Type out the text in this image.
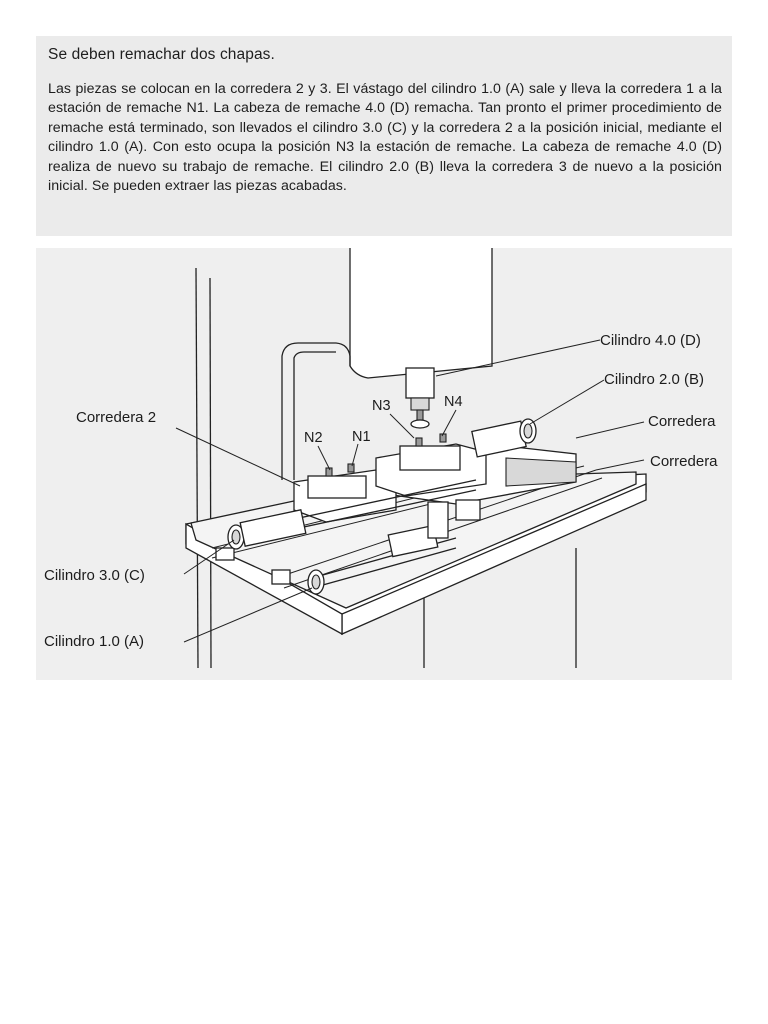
Se deben remachar dos chapas.

Las piezas se colocan en la corredera 2 y 3. El vástago del cilindro 1.0 (A) sale y lleva la corredera 1 a la estación de remache N1. La cabeza de remache 4.0 (D) remacha. Tan pronto el primer procedimiento de remache está terminado, son llevados el cilindro 3.0 (C) y la corredera 2 a la posición inicial, mediante el cilindro 1.0 (A). Con esto ocupa la posición N3 la estación de remache. La cabeza de remache 4.0 (D) realiza de nuevo su trabajo de remache. El cilindro 2.0 (B) lleva la corredera 3 de nuevo a la posición inicial. Se pueden extraer las piezas acabadas.

Cilindro 4.0 (D)
Cilindro 2.0 (B)
Corredera
Corredera
Corredera 2
N2 N1
N3	N4
Cilindro 3.0 (C)
Cilindro 1.0 (A)
